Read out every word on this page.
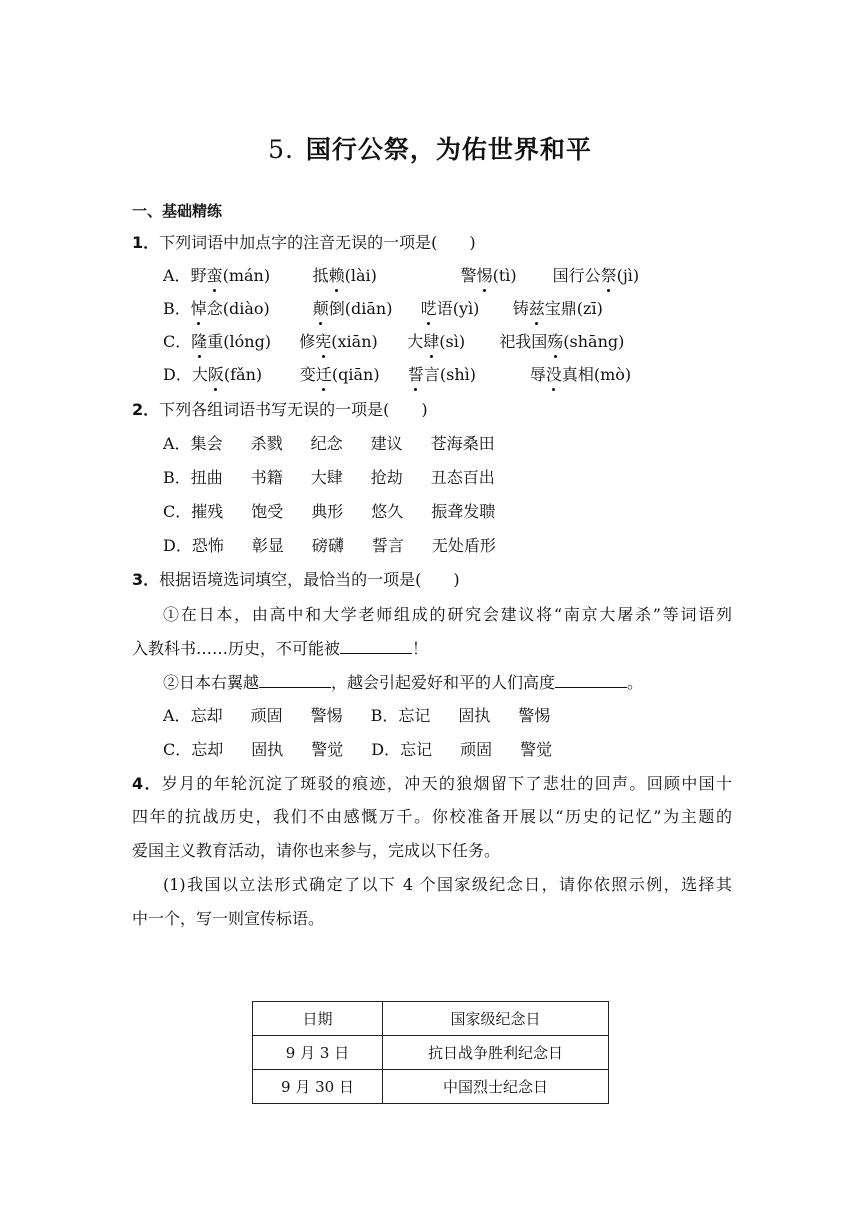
5. 国行公祭，为佑世界和平
一、基础精练
1．下列词语中加点字的注音无误的一项是(　　)
A．野蛮(mán)	抵赖(lài)	警惕(tì) 国行公祭(jì)
B．悼念(diào)	颠倒(diān) 呓语(yì) 铸兹宝鼎(zī)
C．隆重(lóng) 修宪(xiān) 大肆(sì) 祀我国殇(shāng)
D．大阪(fǎn) 变迁(qiān) 誓言(shì)	辱没真相(mò)
2．下列各组词语书写无误的一项是(　　)
A．集会 杀戮 纪念 建议 苍海桑田
B．扭曲 书籍 大肆 抢劫 丑态百出
C．摧残 饱受 典形 悠久 振聋发聩
D．恐怖 彰显 磅礴 誓言 无处盾形
3．根据语境选词填空，最恰当的一项是(　　)
①在日本，由高中和大学老师组成的研究会建议将“南京大屠杀”等词语列
入教科书……历史，不可能被	！
②日本右翼越	，越会引起爱好和平的人们高度	。
A．忘却 顽固 警惕 B．忘记 固执 警惕
C．忘却 固执 警觉 D．忘记 顽固 警觉
4．岁月的年轮沉淀了斑驳的痕迹，冲天的狼烟留下了悲壮的回声。回顾中国十
四年的抗战历史，我们不由感慨万千。你校准备开展以“历史的记忆”为主题的
爱国主义教育活动，请你也来参与，完成以下任务。
(1)我国以立法形式确定了以下 4 个国家级纪念日，请你依照示例，选择其
中一个，写一则宣传标语。
日期	国家级纪念日
9 月 3 日	抗日战争胜利纪念日
9 月 30 日	中国烈士纪念日
